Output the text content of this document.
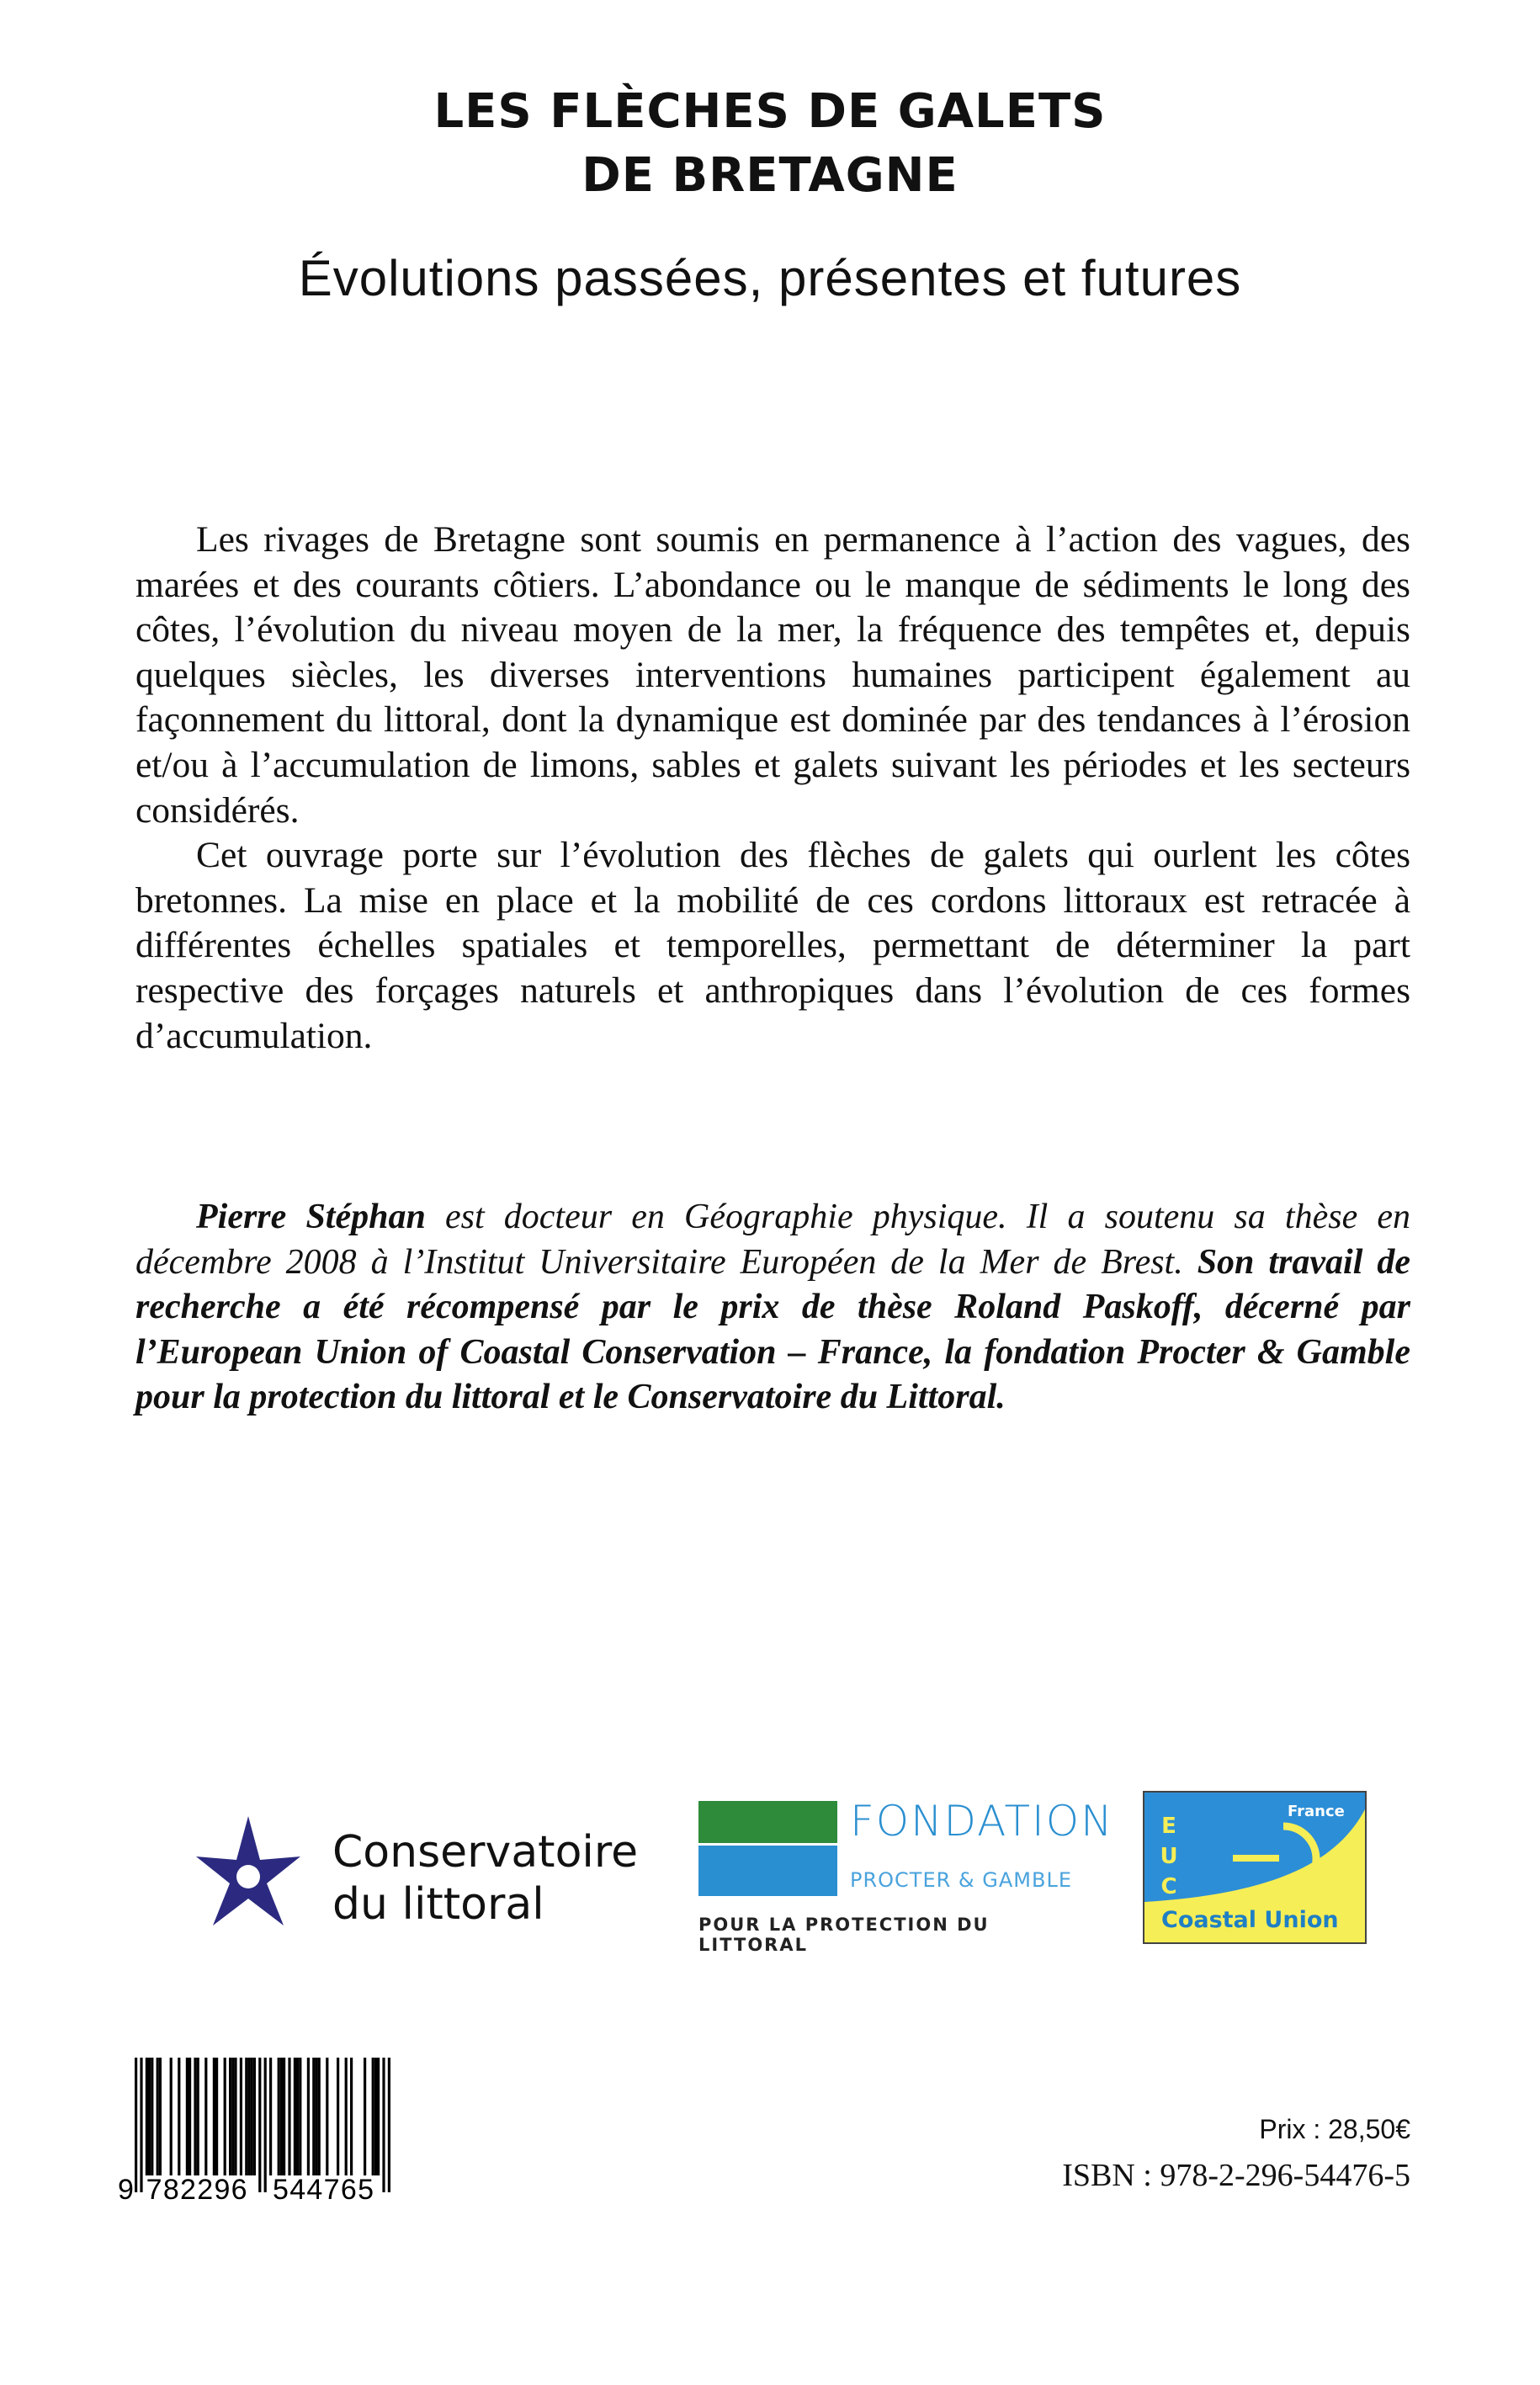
LES FLÈCHES DE GALETS
DE BRETAGNE
Évolutions passées, présentes et futures

Les rivages de Bretagne sont soumis en permanence à l’action des vagues, des marées et des courants côtiers. L’abondance ou le manque de sédiments le long des côtes, l’évolution du niveau moyen de la mer, la fréquence des tempêtes et, depuis quelques siècles, les diverses interventions humaines participent également au façonnement du littoral, dont la dynamique est dominée par des tendances à l’érosion et/ou à l’accumulation de limons, sables et galets suivant les périodes et les secteurs considérés.

Cet ouvrage porte sur l’évolution des flèches de galets qui ourlent les côtes bretonnes. La mise en place et la mobilité de ces cordons littoraux est retracée à différentes échelles spatiales et temporelles, permettant de déterminer la part respective des forçages naturels et anthropiques dans l’évolution de ces formes d’accumulation.

Pierre Stéphan est docteur en Géographie physique. Il a soutenu sa thèse en décembre 2008 à l’Institut Universitaire Européen de la Mer de Brest. Son travail de recherche a été récompensé par le prix de thèse Roland Paskoff, décerné par l’European Union of Coastal Conservation – France, la fondation Procter & Gamble pour la protection du littoral et le Conservatoire du Littoral.
Conservatoire
du littoral
FONDATION
PROCTER & GAMBLE
POUR LA PROTECTION DU LITTORAL
E
U
C
France
Coastal Union
9 782296 544765
Prix : 28,50€
ISBN : 978-2-296-54476-5
